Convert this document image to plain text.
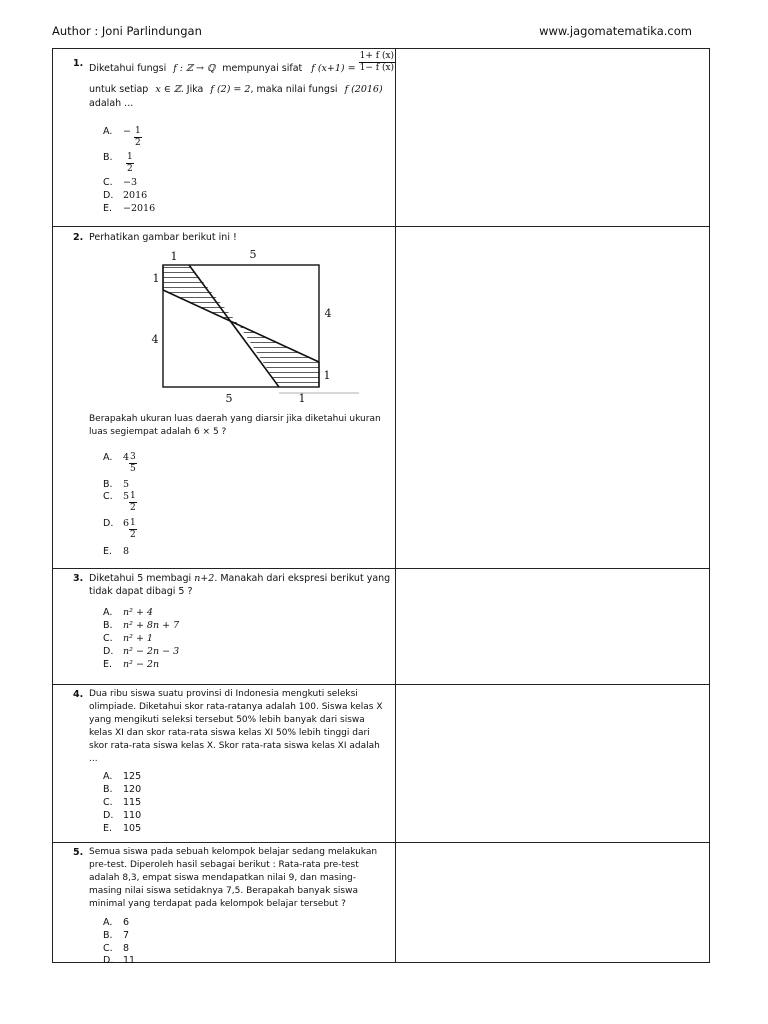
Author : Joni Parlindungan	www.jagomatematika.com
1. Diketahui fungsi f : ℤ → ℚ mempunyai sifat f $(x+1) = \frac{1+ f (x)}{1- f (x)}$
untuk setiap x ∈ ℤ. Jika f (2) = 2, maka nilai fungsi f (2016)
adalah ...
A. − $\frac{1}{2}$
B. $\frac{1}{2}$
C. −3
D. 2016
E. −2016
2. Perhatikan gambar berikut ini !
1	5
1
4
4
1
5	1
Berapakah ukuran luas daerah yang diarsir jika diketahui ukuran
luas segiempat adalah 6 × 5 ?
A. $4 \frac{3}{5}$
B. 5
C. $5 \frac{1}{2}$
D. $6 \frac{1}{2}$
E. 8
3. Diketahui 5 membagi n+2. Manakah dari ekspresi berikut yang
tidak dapat dibagi 5 ?
A. n² + 4
B. n² + 8n + 7
C. n² + 1
D. n² − 2n − 3
E. n² − 2n
4. Dua ribu siswa suatu provinsi di Indonesia mengkuti seleksi
olimpiade. Diketahui skor rata-ratanya adalah 100. Siswa kelas X
yang mengikuti seleksi tersebut 50% lebih banyak dari siswa
kelas XI dan skor rata-rata siswa kelas XI 50% lebih tinggi dari
skor rata-rata siswa kelas X. Skor rata-rata siswa kelas XI adalah
...
A. 125
B. 120
C. 115
D. 110
E. 105
5. Semua siswa pada sebuah kelompok belajar sedang melakukan
pre-test. Diperoleh hasil sebagai berikut : Rata-rata pre-test
adalah 8,3, empat siswa mendapatkan nilai 9, dan masing-
masing nilai siswa setidaknya 7,5. Berapakah banyak siswa
minimal yang terdapat pada kelompok belajar tersebut ?
A. 6
B. 7
C. 8
D. 11
